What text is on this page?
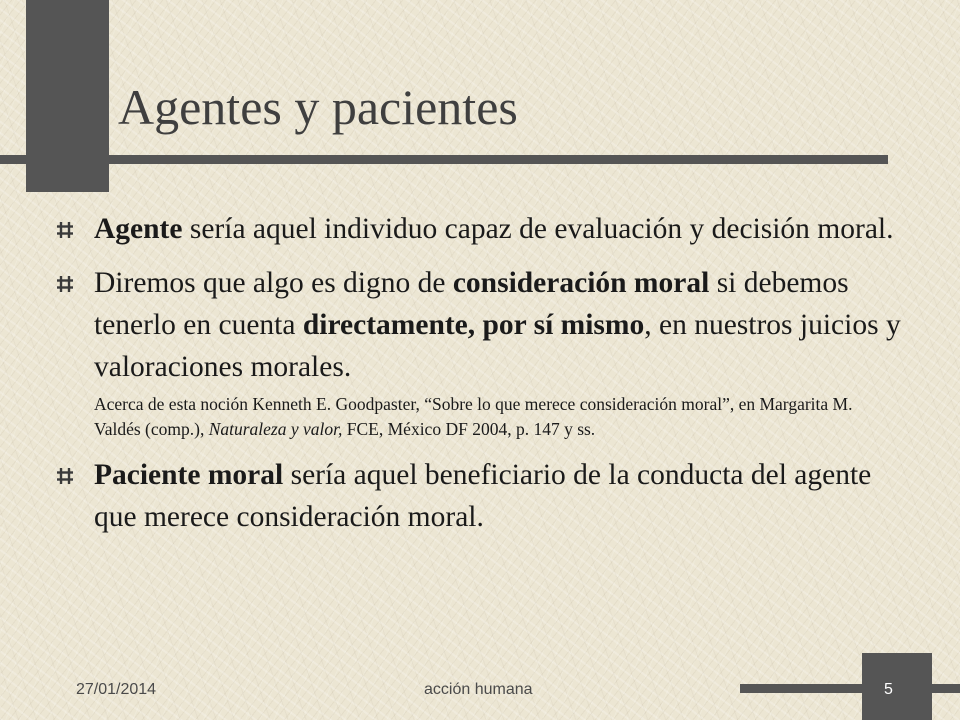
Agentes y pacientes
Agente sería aquel individuo capaz de evaluación y decisión moral.
Diremos que algo es digno de consideración moral si debemos tenerlo en cuenta directamente, por sí mismo, en nuestros juicios y valoraciones morales.
Acerca de esta noción Kenneth E. Goodpaster, “Sobre lo que merece consideración moral”, en Margarita M. Valdés (comp.), Naturaleza y valor, FCE, México DF 2004, p. 147 y ss.
Paciente moral sería aquel beneficiario de la conducta del agente que merece consideración moral.
27/01/2014	acción humana	5
